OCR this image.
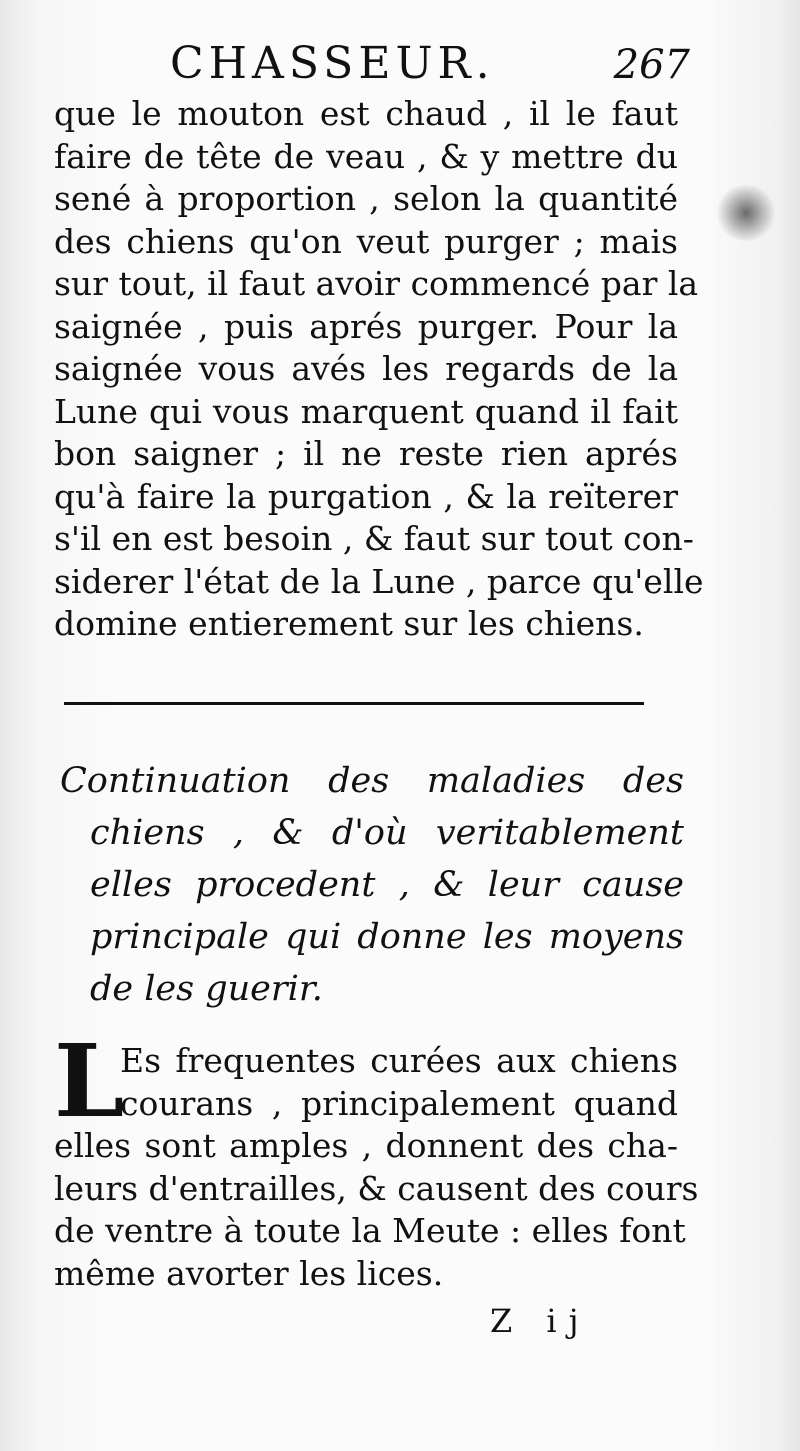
CHASSEUR.	267
que le mouton est chaud , il le faut
faire de tête de veau , & y mettre du
sené à proportion , selon la quantité
des chiens qu'on veut purger ; mais
sur tout, il faut avoir commencé par la
saignée , puis aprés purger. Pour la
saignée vous avés les regards de la
Lune qui vous marquent quand il fait
bon saigner ; il ne reste rien aprés
qu'à faire la purgation , & la reïterer
s'il en est besoin , & faut sur tout con-
siderer l'état de la Lune , parce qu'elle
domine entierement sur les chiens.
Continuation des maladies des
chiens , & d'où veritablement
elles procedent , & leur cause
principale qui donne les moyens
de les guerir.
L
Es frequentes curées aux chiens
courans , principalement quand
elles sont amples , donnent des cha-
leurs d'entrailles, & causent des cours
de ventre à toute la Meute : elles font
même avorter les lices.
Z ij
